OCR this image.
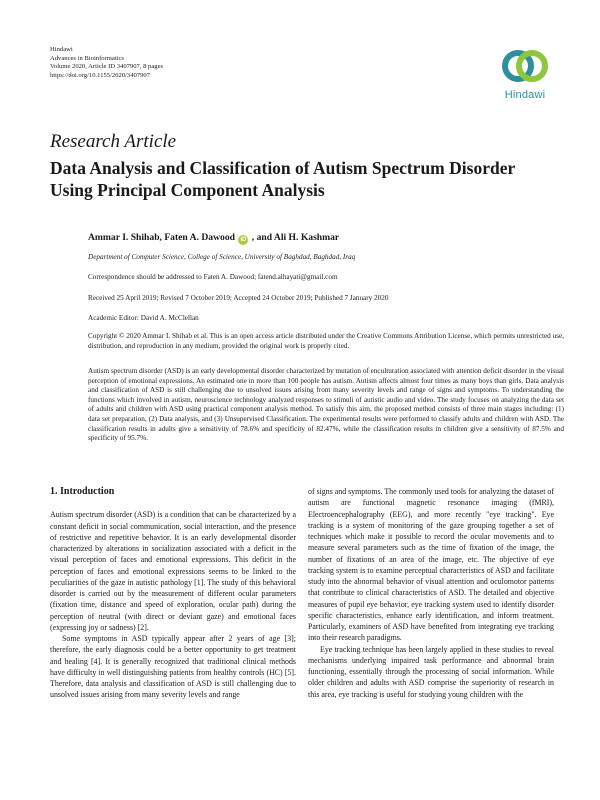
Hindawi
Advances in Bioinformatics
Volume 2020, Article ID 3407907, 8 pages
https://doi.org/10.1155/2020/3407907
Hindawi
Research Article
Data Analysis and Classification of Autism Spectrum Disorder Using Principal Component Analysis
Ammar I. Shihab, Faten A. Dawood iD , and Ali H. Kashmar
Department of Computer Science, College of Science, University of Baghdad, Baghdad, Iraq
Correspondence should be addressed to Faten A. Dawood; fatend.alhayati@gmail.com
Received 25 April 2019; Revised 7 October 2019; Accepted 24 October 2019; Published 7 January 2020
Academic Editor: David A. McClellan
Copyright © 2020 Ammar I. Shihab et al. This is an open access article distributed under the Creative Commons Attribution License, which permits unrestricted use, distribution, and reproduction in any medium, provided the original work is properly cited.
Autism spectrum disorder (ASD) is an early developmental disorder characterized by mutation of enculturation associated with attention deficit disorder in the visual perception of emotional expressions. An estimated one in more than 100 people has autism. Autism affects almost four times as many boys than girls. Data analysis and classification of ASD is still challenging due to unsolved issues arising from many severity levels and range of signs and symptoms. To understanding the functions which involved in autism, neuroscience technology analyzed responses to stimuli of autistic audio and video. The study focuses on analyzing the data set of adults and children with ASD using practical component analysis method. To satisfy this aim, the proposed method consists of three main stages including: (1) data set preparation, (2) Data analysis, and (3) Unsupervised Classification. The experimental results were performed to classify adults and children with ASD. The classification results in adults give a sensitivity of 78.6% and specificity of 82.47%, while the classification results in children give a sensitivity of 87.5% and specificity of 95.7%.
1. Introduction

Autism spectrum disorder (ASD) is a condition that can be characterized by a constant deficit in social communication, social interaction, and the presence of restrictive and repetitive behavior. It is an early developmental disorder characterized by alterations in socialization associated with a deficit in the visual perception of faces and emotional expressions. This deficit in the perception of faces and emotional expressions seems to be linked to the peculiarities of the gaze in autistic pathology [1]. The study of this behavioral disorder is carried out by the measurement of different ocular parameters (fixation time, distance and speed of exploration, ocular path) during the perception of neutral (with direct or deviant gaze) and emotional faces (expressing joy or sadness) [2].

Some symptoms in ASD typically appear after 2 years of age [3]; therefore, the early diagnosis could be a better opportunity to get treatment and healing [4]. It is generally recognized that traditional clinical methods have difficulty in well distinguishing patients from healthy controls (HC) [5]. Therefore, data analysis and classification of ASD is still challenging due to unsolved issues arising from many severity levels and range

of signs and symptoms. The commonly used tools for analyzing the dataset of autism are functional magnetic resonance imaging (fMRI), Electroencephalography (EEG), and more recently "eye tracking". Eye tracking is a system of monitoring of the gaze grouping together a set of techniques which make it possible to record the ocular movements and to measure several parameters such as the time of fixation of the image, the number of fixations of an area of the image, etc. The objective of eye tracking system is to examine perceptual characteristics of ASD and facilitate study into the abnormal behavior of visual attention and oculomotor patterns that contribute to clinical characteristics of ASD. The detailed and objective measures of pupil eye behavior, eye tracking system used to identify disorder specific characteristics, enhance early identification, and inform treatment. Particularly, examiners of ASD have benefited from integrating eye tracking into their research paradigms.

Eye tracking technique has been largely applied in these studies to reveal mechanisms underlying impaired task performance and abnormal brain functioning, essentially through the processing of social information. While older children and adults with ASD comprise the superiority of research in this area, eye tracking is useful for studying young children with the
